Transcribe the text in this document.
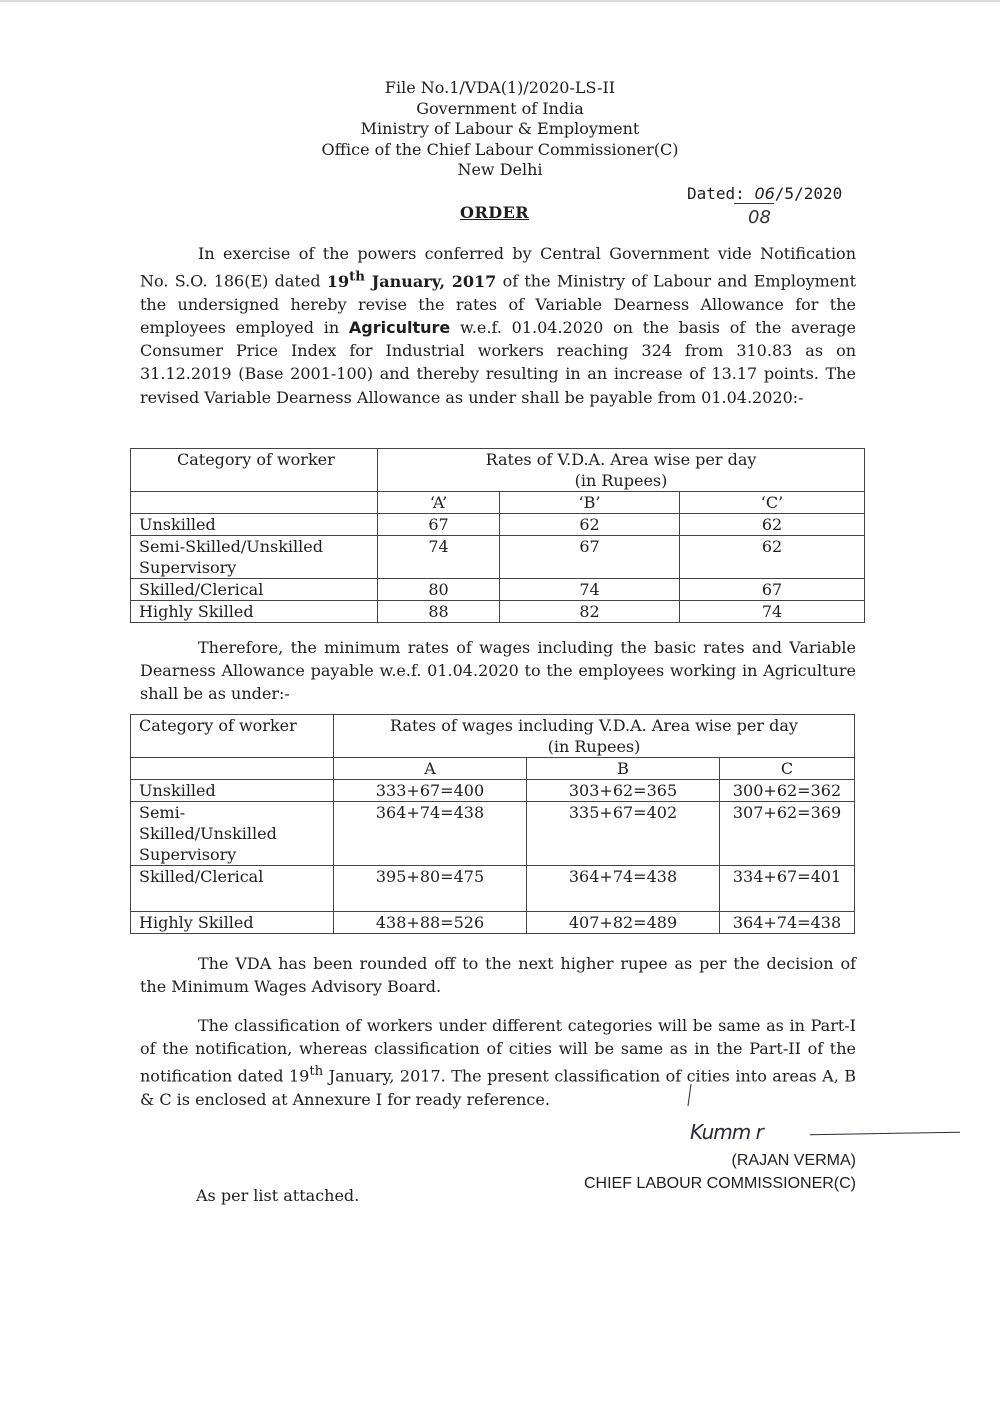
File No.1/VDA(1)/2020-LS-II
Government of India
Ministry of Labour & Employment
Office of the Chief Labour Commissioner(C)
New Delhi
Dated: 06/5/2020
08
ORDER

In exercise of the powers conferred by Central Government vide Notification No. S.O. 186(E) dated 19th January, 2017 of the Ministry of Labour and Employment the undersigned hereby revise the rates of Variable Dearness Allowance for the employees employed in Agriculture w.e.f. 01.04.2020 on the basis of the average Consumer Price Index for Industrial workers reaching 324 from 310.83 as on 31.12.2019 (Base 2001-100) and thereby resulting in an increase of 13.17 points. The revised Variable Dearness Allowance as under shall be payable from 01.04.2020:-

Category of worker	Rates of V.D.A. Area wise per day
(in Rupees)		

	‘A’	‘B’	‘C’
Unskilled	67	62	62
Semi-Skilled/Unskilled Supervisory	74	67	62
Skilled/Clerical	80	74	67
Highly Skilled	88	82	74

Therefore, the minimum rates of wages including the basic rates and Variable Dearness Allowance payable w.e.f. 01.04.2020 to the employees working in Agriculture shall be as under:-

Category of worker	Rates of wages including V.D.A. Area wise per day
(in Rupees)		

	A	B	C
Unskilled	333+67=400	303+62=365	300+62=362

Semi-Skilled/Unskilled Supervisory	364+74=438	335+67=402	307+62=369
Skilled/Clerical	395+80=475	364+74=438	334+67=401
Highly Skilled	438+88=526	407+82=489	364+74=438

The VDA has been rounded off to the next higher rupee as per the decision of the Minimum Wages Advisory Board.

The classification of workers under different categories will be same as in Part-I of the notification, whereas classification of cities will be same as in the Part-II of the notification dated 19th January, 2017. The present classification of cities into areas A, B & C is enclosed at Annexure I for ready reference.

Kumm r
(RAJAN VERMA)
CHIEF LABOUR COMMISSIONER(C)
As per list attached.
